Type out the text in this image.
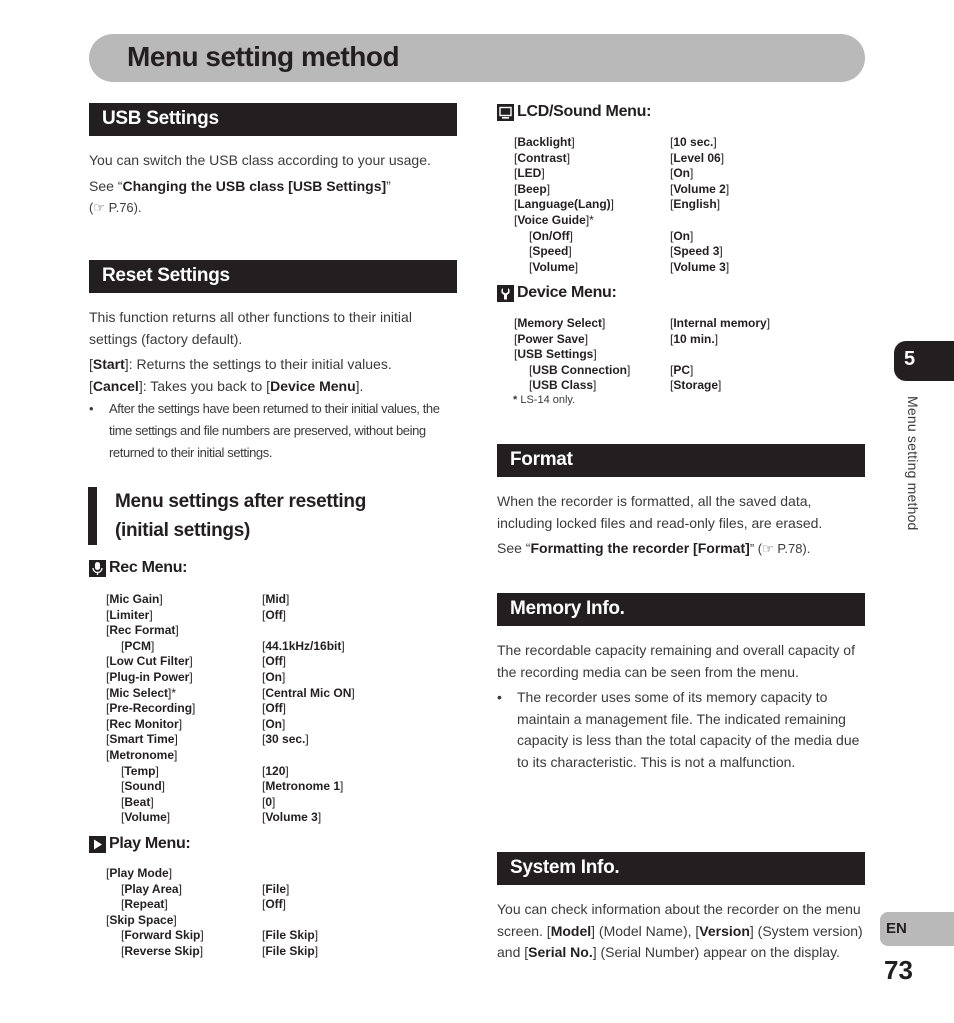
Menu setting method
USB Settings

You can switch the USB class according to your usage.

See “Changing the USB class [USB Settings]”

(☞ P.76).

Reset Settings

This function returns all other functions to their initial settings (factory default).

[Start]: Returns the settings to their initial values.

[Cancel]: Takes you back to [Device Menu].

• After the settings have been returned to their initial values, the time settings and file numbers are preserved, without being returned to their initial settings.

Menu settings after resetting
(initial settings)
Rec Menu:
[Mic Gain]	[Mid]
[Limiter]	[Off]
[Rec Format]
[PCM]	[44.1kHz/16bit]
[Low Cut Filter]	[Off]
[Plug-in Power]	[On]
[Mic Select]*	[Central Mic ON]
[Pre-Recording]	[Off]
[Rec Monitor]	[On]
[Smart Time]	[30 sec.]
[Metronome]
[Temp]	[120]
[Sound]	[Metronome 1]
[Beat]	[0]
[Volume]	[Volume 3]
Play Menu:
[Play Mode]
[Play Area]	[File]
[Repeat]	[Off]
[Skip Space]
[Forward Skip]	[File Skip]
[Reverse Skip]	[File Skip]
LCD/Sound Menu:
[Backlight]	[10 sec.]
[Contrast]	[Level 06]
[LED]	[On]
[Beep]	[Volume 2]
[Language(Lang)]	[English]
[Voice Guide]*
[On/Off]	[On]
[Speed]	[Speed 3]
[Volume]	[Volume 3]
Device Menu:
[Memory Select]	[Internal memory]
[Power Save]	[10 min.]
[USB Settings]
[USB Connection]	[PC]
[USB Class]	[Storage]
* LS-14 only.
Format

When the recorder is formatted, all the saved data, including locked files and read-only files, are erased.

See “Formatting the recorder [Format]” (☞ P.78).

Memory Info.

The recordable capacity remaining and overall capacity of the recording media can be seen from the menu.

• The recorder uses some of its memory capacity to maintain a management file. The indicated remaining capacity is less than the total capacity of the media due to its characteristic. This is not a malfunction.

System Info.

You can check information about the recorder on the menu screen. [Model] (Model Name), [Version] (System version) and [Serial No.] (Serial Number) appear on the display.

5
Menu setting method
EN
73
